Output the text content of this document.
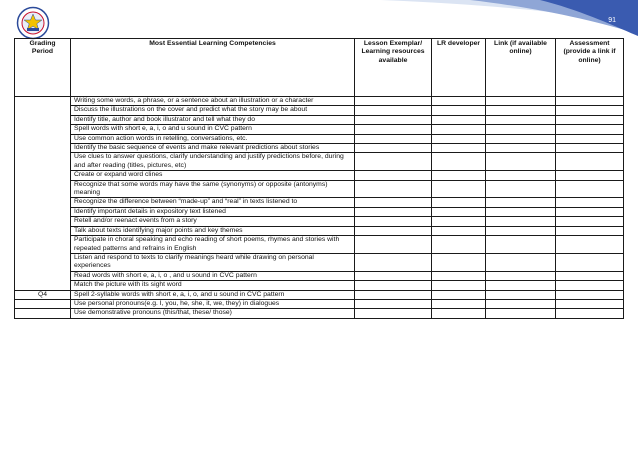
91
Grading Period	Most Essential Learning Competencies	Lesson Exemplar/ Learning resources available	LR developer	Link (if available online)	Assessment (provide a link if online)
	Writing some words, a phrase, or a sentence about an illustration or a character				
	Discuss the illustrations on the cover and predict what the story may be about				
	Identify title, author and book illustrator and tell what they do				
	Spell words with short e, a, i, o and u sound in CVC pattern				
	Use common action words in retelling, conversations, etc.				
	Identify the basic sequence of events and make relevant predictions about stories				
	Use clues to answer questions, clarify understanding and justify predictions before, during and after reading (titles, pictures, etc)				
	Create or expand word clines				
	Recognize that some words may have the same (synonyms) or opposite (antonyms) meaning				
	Recognize the difference between “made-up” and “real” in texts listened to				
	Identify important details in expository text listened				
	Retell and/or reenact events from a story				
	Talk about texts identifying major points and key themes				
	Participate in choral speaking and echo reading of short poems, rhymes and stories with repeated patterns and refrains in English				
	Listen and respond to texts to clarify meanings heard while drawing on personal experiences				
	Read words with short e, a, i, o , and u sound in CVC pattern				
	Match the picture with its sight word				
Q4	Spell 2-syllable words with short e, a, i, o, and u sound in CVC pattern				
	Use personal pronouns(e.g. I, you, he, she, it, we, they) in dialogues				
	Use demonstrative pronouns (this/that, these/ those)				
